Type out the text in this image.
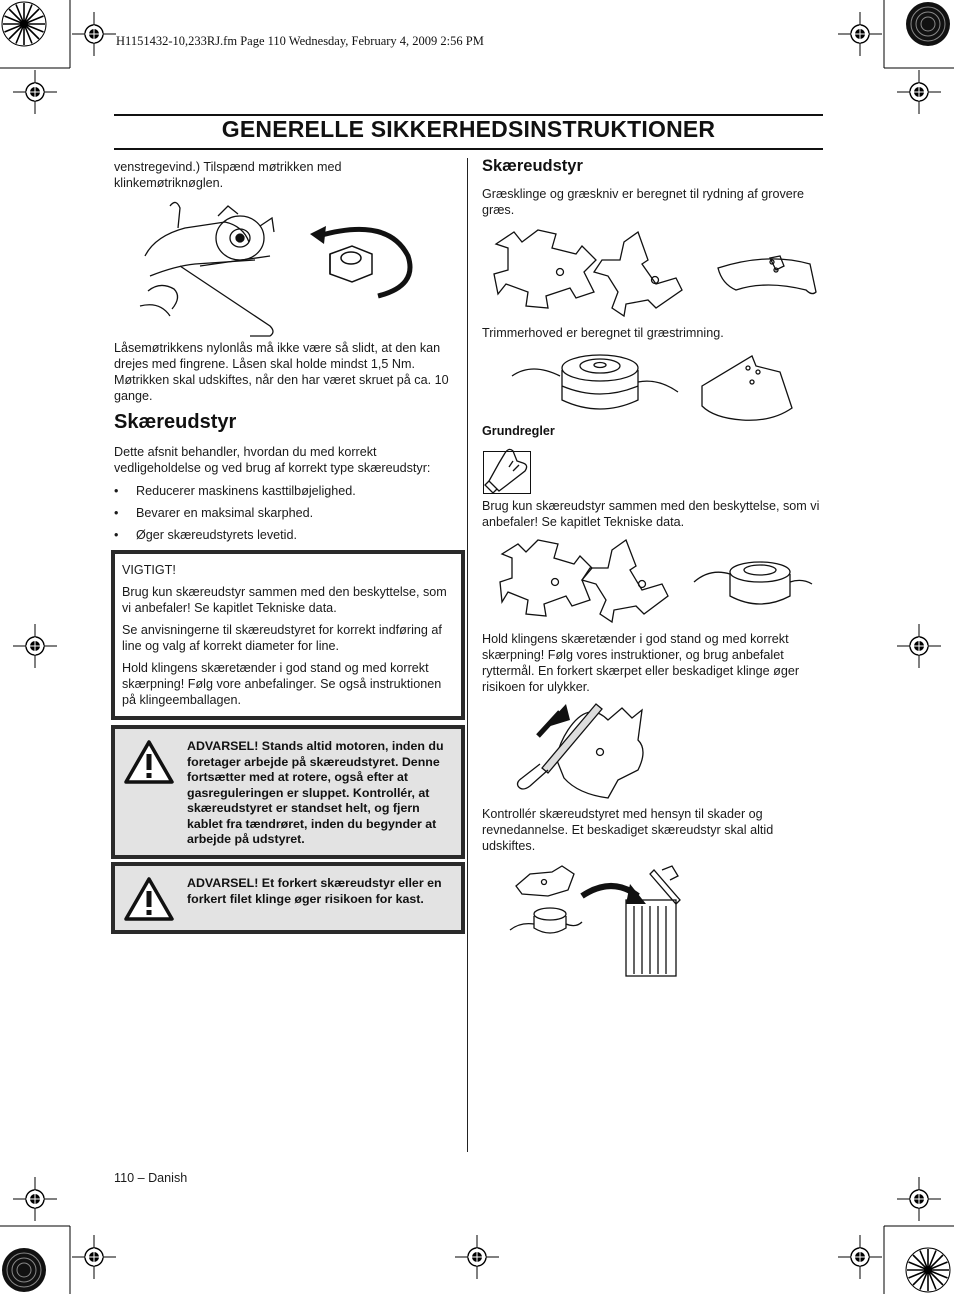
H1151432-10,233RJ.fm Page 110 Wednesday, February 4, 2009 2:56 PM
GENERELLE SIKKERHEDSINSTRUKTIONER
venstregevind.) Tilspænd møtrikken med klinkemøtriknøglen.
Låsemøtrikkens nylonlås må ikke være så slidt, at den kan drejes med fingrene. Låsen skal holde mindst 1,5 Nm. Møtrikken skal udskiftes, når den har været skruet på ca. 10 gange.
Skæreudstyr
Dette afsnit behandler, hvordan du med korrekt vedligeholdelse og ved brug af korrekt type skæreudstyr:
• Reducerer maskinens kasttilbøjelighed.
• Bevarer en maksimal skarphed.
• Øger skæreudstyrets levetid.
VIGTIGT!
Brug kun skæreudstyr sammen med den beskyttelse, som vi anbefaler! Se kapitlet Tekniske data.
Se anvisningerne til skæreudstyret for korrekt indføring af line og valg af korrekt diameter for line.
Hold klingens skæretænder i god stand og med korrekt skærpning! Følg vore anbefalinger. Se også instruktionen på klingeemballagen.
ADVARSEL! Stands altid motoren, inden du foretager arbejde på skæreudstyret. Denne fortsætter med at rotere, også efter at gasreguleringen er sluppet. Kontrollér, at skæreudstyret er standset helt, og fjern kablet fra tændrøret, inden du begynder at arbejde på udstyret.
ADVARSEL! Et forkert skæreudstyr eller en forkert filet klinge øger risikoen for kast.
110 – Danish
Skæreudstyr
Græsklinge og græskniv er beregnet til rydning af grovere græs.
Trimmerhoved er beregnet til græstrimning.
Grundregler
Brug kun skæreudstyr sammen med den beskyttelse, som vi anbefaler! Se kapitlet Tekniske data.
Hold klingens skæretænder i god stand og med korrekt skærpning! Følg vores instruktioner, og brug anbefalet ryttermål. En forkert skærpet eller beskadiget klinge øger risikoen for ulykker.
Kontrollér skæreudstyret med hensyn til skader og revnedannelse. Et beskadiget skæreudstyr skal altid udskiftes.
